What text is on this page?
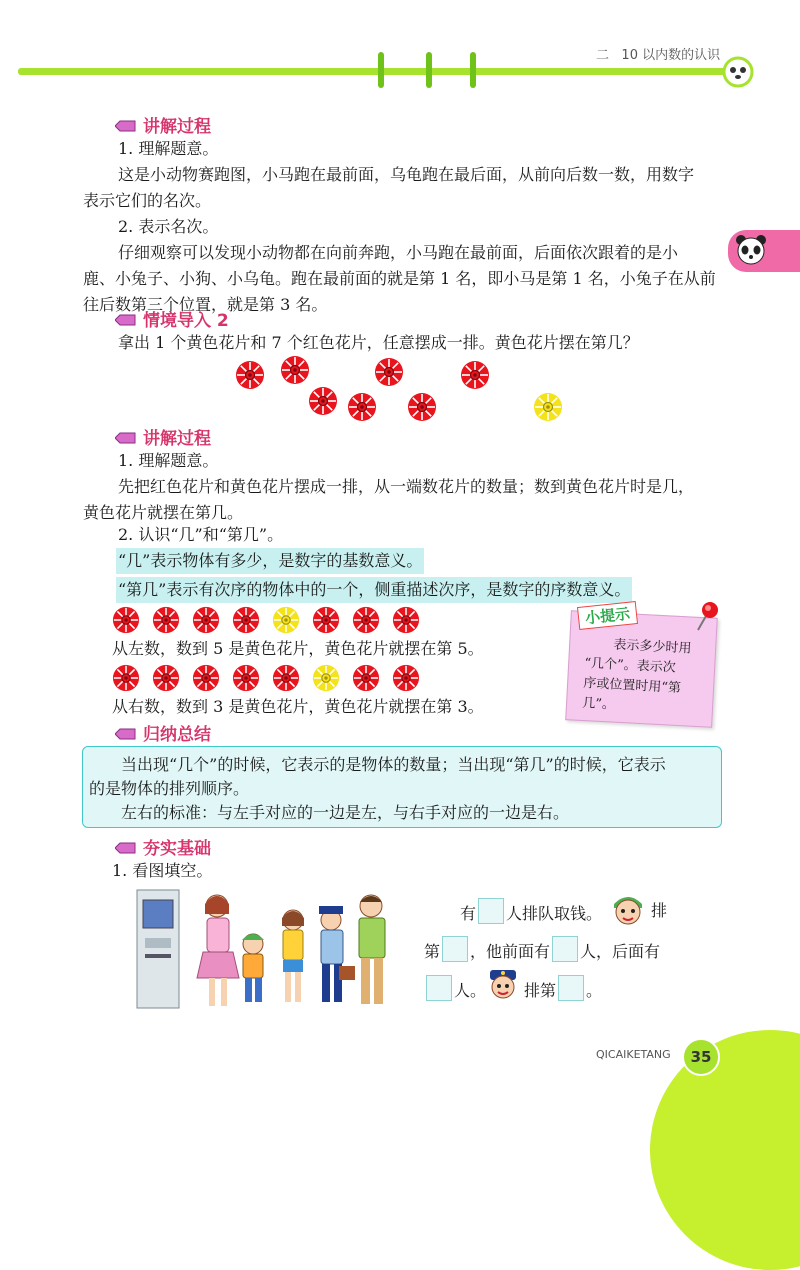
二 10 以内数的认识
讲解过程
1. 理解题意。
这是小动物赛跑图，小马跑在最前面，乌龟跑在最后面，从前向后数一数，用数字
表示它们的名次。
2. 表示名次。
仔细观察可以发现小动物都在向前奔跑，小马跑在最前面，后面依次跟着的是小
鹿、小兔子、小狗、小乌龟。跑在最前面的就是第 1 名，即小马是第 1 名，小兔子在从前
往后数第三个位置，就是第 3 名。
情境导入 2
拿出 1 个黄色花片和 7 个红色花片，任意摆成一排。黄色花片摆在第几？
讲解过程
1. 理解题意。
先把红色花片和黄色花片摆成一排，从一端数花片的数量；数到黄色花片时是几，
黄色花片就摆在第几。
2. 认识“几”和“第几”。
“几”表示物体有多少，是数字的基数意义。
“第几”表示有次序的物体中的一个，侧重描述次序，是数字的序数意义。
从左数，数到 5 是黄色花片，黄色花片就摆在第 5。
从右数，数到 3 是黄色花片，黄色花片就摆在第 3。
小提示
表示多少时用
“几个”。表示次
序或位置时用“第
几”。
归纳总结
当出现“几个”的时候，它表示的是物体的数量；当出现“第几”的时候，它表示
的是物体的排列顺序。
左右的标准：与左手对应的一边是左，与右手对应的一边是右。
夯实基础
1. 看图填空。
有 人排队取钱。	排
第 ，他前面有 人，后面有
人。 排第 。
QICAIKETANG 35
